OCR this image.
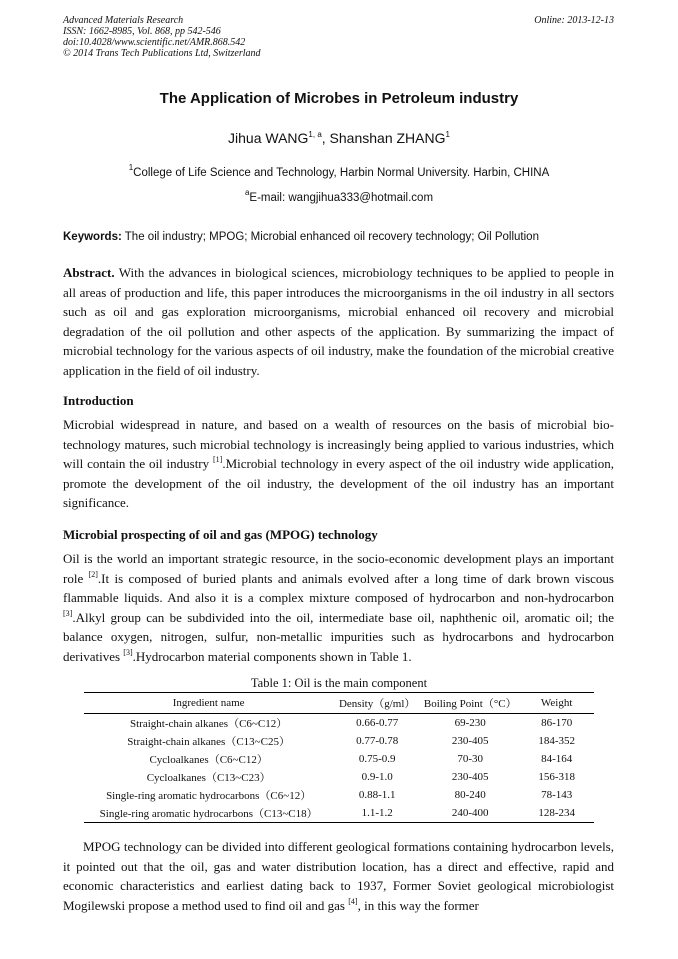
Advanced Materials Research
ISSN: 1662-8985, Vol. 868, pp 542-546
doi:10.4028/www.scientific.net/AMR.868.542
© 2014 Trans Tech Publications Ltd, Switzerland
Online: 2013-12-13
The Application of Microbes in Petroleum industry
Jihua WANG$^{1, a}$, Shanshan ZHANG$^1$
$^1$College of Life Science and Technology, Harbin Normal University. Harbin, CHINA
$^a$E-mail: wangjihua333@hotmail.com
Keywords: The oil industry; MPOG; Microbial enhanced oil recovery technology; Oil Pollution
Abstract. With the advances in biological sciences, microbiology techniques to be applied to people in all areas of production and life, this paper introduces the microorganisms in the oil industry in all sectors such as oil and gas exploration microorganisms, microbial enhanced oil recovery and microbial degradation of the oil pollution and other aspects of the application. By summarizing the impact of microbial technology for the various aspects of oil industry, make the foundation of the microbial creative application in the field of oil industry.
Introduction
Microbial widespread in nature, and based on a wealth of resources on the basis of microbial bio-technology matures, such microbial technology is increasingly being applied to various industries, which will contain the oil industry [1].Microbial technology in every aspect of the oil industry wide application, promote the development of the oil industry, the development of the oil industry has an important significance.
Microbial prospecting of oil and gas (MPOG) technology
Oil is the world an important strategic resource, in the socio-economic development plays an important role [2].It is composed of buried plants and animals evolved after a long time of dark brown viscous flammable liquids. And also it is a complex mixture composed of hydrocarbon and non-hydrocarbon [3].Alkyl group can be subdivided into the oil, intermediate base oil, naphthenic oil, aromatic oil; the balance oxygen, nitrogen, sulfur, non-metallic impurities such as hydrocarbons and hydrocarbon derivatives [3].Hydrocarbon material components shown in Table 1.
Table 1: Oil is the main component
Ingredient name	Density（g/ml）	Boiling Point（°C）	Weight
Straight-chain alkanes（C6~C12）	0.66-0.77	69-230	86-170
Straight-chain alkanes（C13~C25）	0.77-0.78	230-405	184-352
Cycloalkanes（C6~C12）	0.75-0.9	70-30	84-164
Cycloalkanes（C13~C23）	0.9-1.0	230-405	156-318
Single-ring aromatic hydrocarbons（C6~12）	0.88-1.1	80-240	78-143
Single-ring aromatic hydrocarbons（C13~C18）	1.1-1.2	240-400	128-234
MPOG technology can be divided into different geological formations containing hydrocarbon levels, it pointed out that the oil, gas and water distribution location, has a direct and effective, rapid and economic characteristics and earliest dating back to 1937, Former Soviet geological microbiologist Mogilewski propose a method used to find oil and gas [4], in this way the former
